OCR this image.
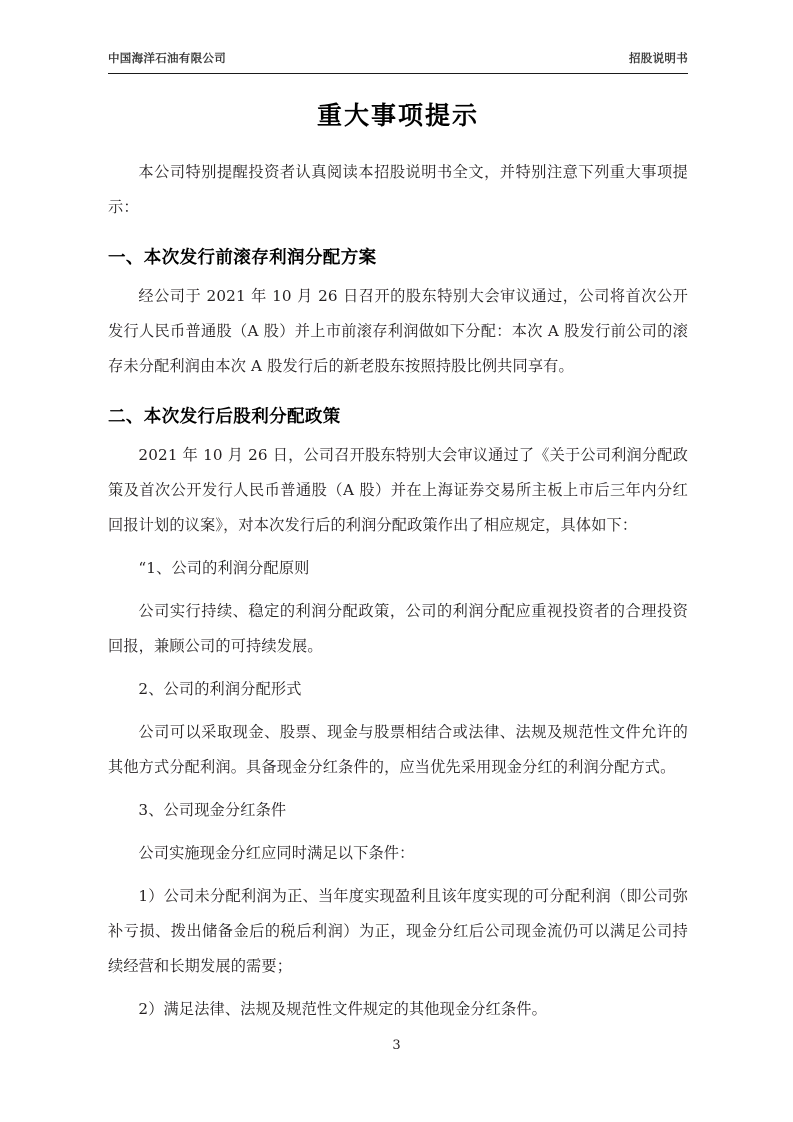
中国海洋石油有限公司	招股说明书
重大事项提示

本公司特别提醒投资者认真阅读本招股说明书全文，并特别注意下列重大事项提示：

一、本次发行前滚存利润分配方案

经公司于 2021 年 10 月 26 日召开的股东特别大会审议通过，公司将首次公开发行人民币普通股（A 股）并上市前滚存利润做如下分配：本次 A 股发行前公司的滚存未分配利润由本次 A 股发行后的新老股东按照持股比例共同享有。

二、本次发行后股利分配政策

2021 年 10 月 26 日，公司召开股东特别大会审议通过了《关于公司利润分配政策及首次公开发行人民币普通股（A 股）并在上海证券交易所主板上市后三年内分红回报计划的议案》，对本次发行后的利润分配政策作出了相应规定，具体如下：

“1、公司的利润分配原则

公司实行持续、稳定的利润分配政策，公司的利润分配应重视投资者的合理投资回报，兼顾公司的可持续发展。

2、公司的利润分配形式

公司可以采取现金、股票、现金与股票相结合或法律、法规及规范性文件允许的其他方式分配利润。具备现金分红条件的，应当优先采用现金分红的利润分配方式。

3、公司现金分红条件

公司实施现金分红应同时满足以下条件：

1）公司未分配利润为正、当年度实现盈利且该年度实现的可分配利润（即公司弥补亏损、拨出储备金后的税后利润）为正，现金分红后公司现金流仍可以满足公司持续经营和长期发展的需要；

2）满足法律、法规及规范性文件规定的其他现金分红条件。

3
